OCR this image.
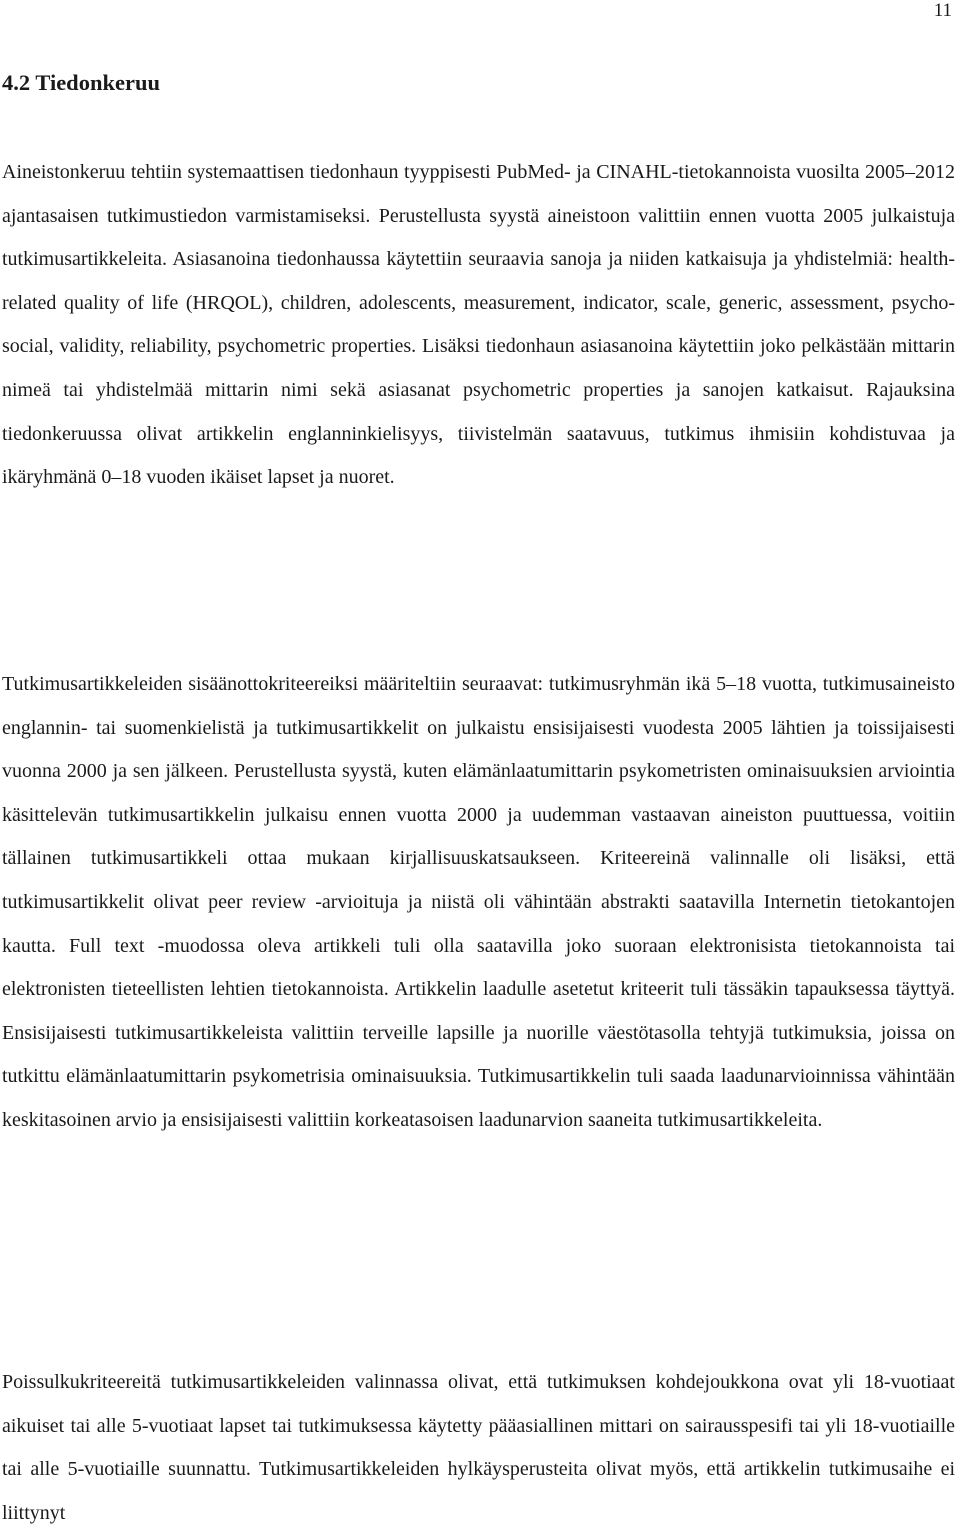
11
4.2 Tiedonkeruu

Aineistonkeruu tehtiin systemaattisen tiedonhaun tyyppisesti PubMed- ja CINAHL-tietokannoista vuosilta 2005–2012 ajantasaisen tutkimustiedon varmistamiseksi. Perustellusta syystä aineistoon valittiin ennen vuotta 2005 julkaistuja tutkimusartikkeleita. Asiasanoina tiedonhaussa käytettiin seuraavia sanoja ja niiden katkaisuja ja yhdistelmiä: health-related quality of life (HRQOL), children, adolescents, measurement, indicator, scale, generic, assessment, psycho-social, validity, reliability, psychometric properties. Lisäksi tiedonhaun asiasanoina käytettiin joko pelkästään mittarin nimeä tai yhdistelmää mittarin nimi sekä asiasanat psychometric properties ja sanojen katkaisut. Rajauksina tiedonkeruussa olivat artikkelin englanninkielisyys, tiivistelmän saatavuus, tutkimus ihmisiin kohdistuvaa ja ikäryhmänä 0–18 vuoden ikäiset lapset ja nuoret.

Tutkimusartikkeleiden sisäänottokriteereiksi määriteltiin seuraavat: tutkimusryhmän ikä 5–18 vuotta, tutkimusaineisto englannin- tai suomenkielistä ja tutkimusartikkelit on julkaistu ensisijaisesti vuodesta 2005 lähtien ja toissijaisesti vuonna 2000 ja sen jälkeen. Perustellusta syystä, kuten elämänlaatumittarin psykometristen ominaisuuksien arviointia käsittelevän tutkimusartikkelin julkaisu ennen vuotta 2000 ja uudemman vastaavan aineiston puuttuessa, voitiin tällainen tutkimusartikkeli ottaa mukaan kirjallisuuskatsaukseen. Kriteereinä valinnalle oli lisäksi, että tutkimusartikkelit olivat peer review -arvioituja ja niistä oli vähintään abstrakti saatavilla Internetin tietokantojen kautta. Full text -muodossa oleva artikkeli tuli olla saatavilla joko suoraan elektronisista tietokannoista tai elektronisten tieteellisten lehtien tietokannoista. Artikkelin laadulle asetetut kriteerit tuli tässäkin tapauksessa täyttyä. Ensisijaisesti tutkimusartikkeleista valittiin terveille lapsille ja nuorille väestötasolla tehtyjä tutkimuksia, joissa on tutkittu elämänlaatumittarin psykometrisia ominaisuuksia. Tutkimusartikkelin tuli saada laadunarvioinnissa vähintään keskitasoinen arvio ja ensisijaisesti valittiin korkeatasoisen laadunarvion saaneita tutkimusartikkeleita.

Poissulkukriteereitä tutkimusartikkeleiden valinnassa olivat, että tutkimuksen kohdejoukkona ovat yli 18-vuotiaat aikuiset tai alle 5-vuotiaat lapset tai tutkimuksessa käytetty pääasiallinen mittari on sairausspesifi tai yli 18-vuotiaille tai alle 5-vuotiaille suunnattu. Tutkimusartikkeleiden hylkäysperusteita olivat myös, että artikkelin tutkimusaihe ei liittynyt
